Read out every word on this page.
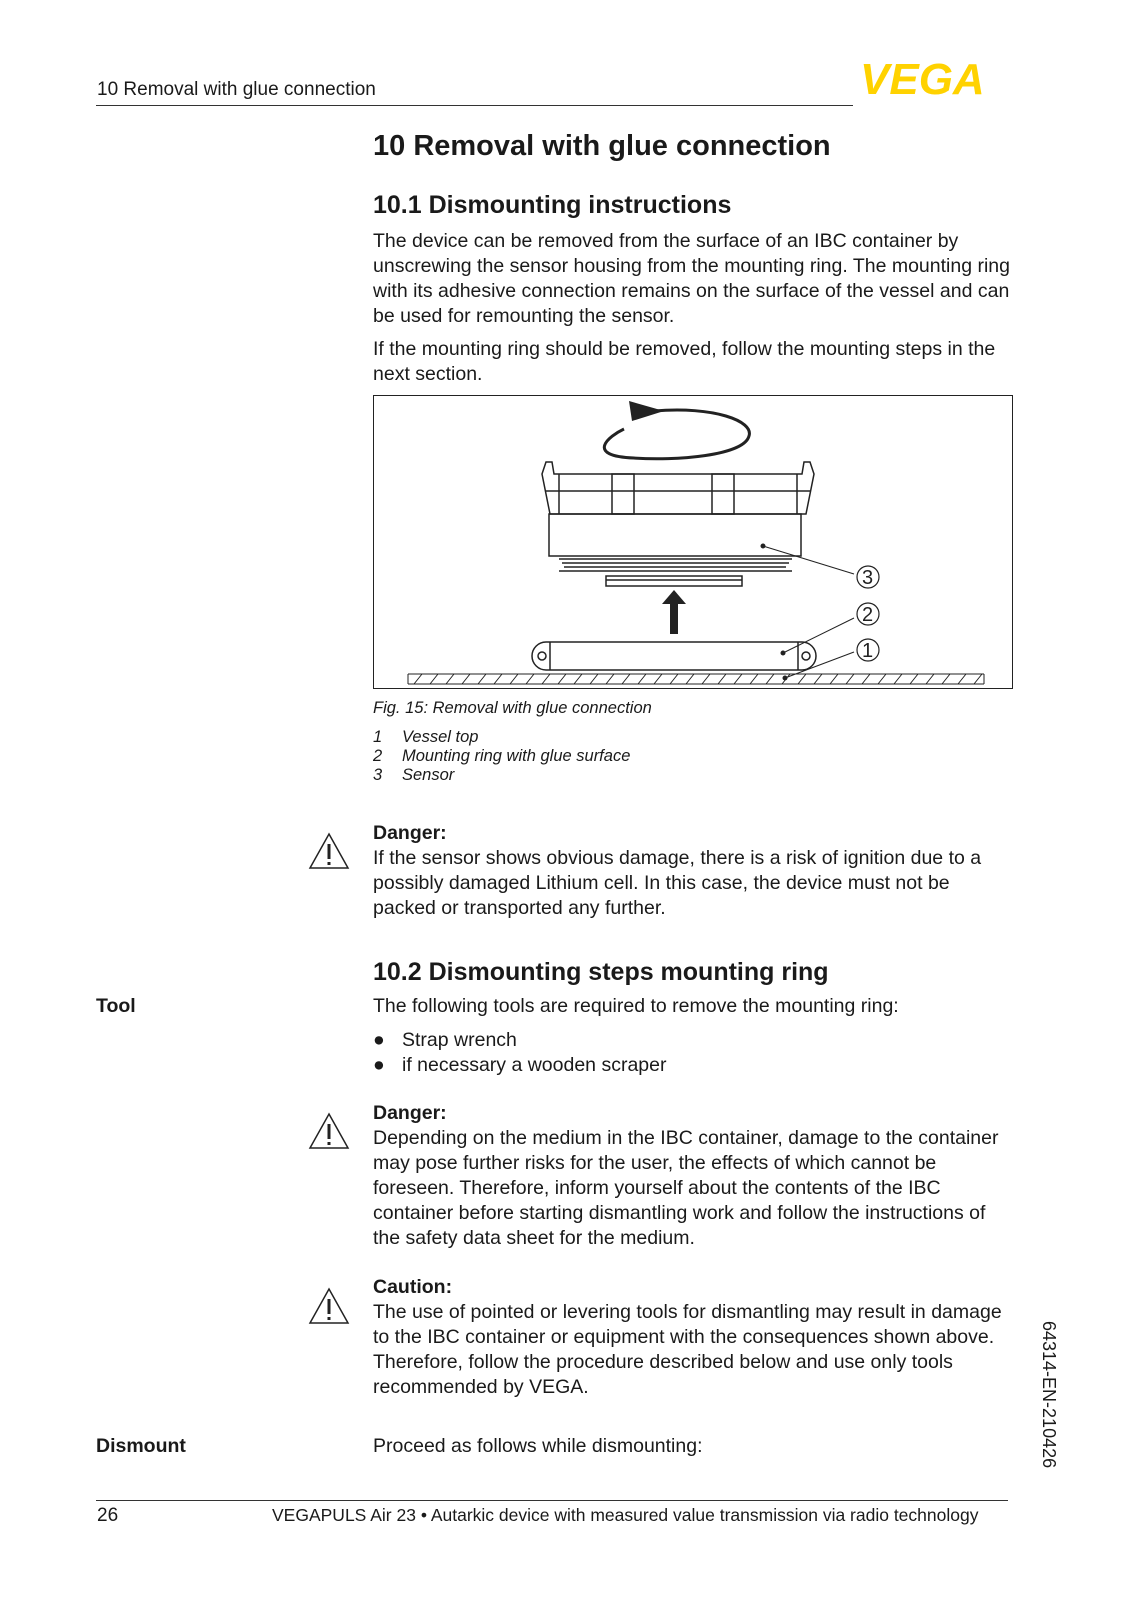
10 Removal with glue connection	VEGA
10 Removal with glue connection
10.1 Dismounting instructions

The device can be removed from the surface of an IBC container by unscrewing the sensor housing from the mounting ring. The mounting ring with its adhesive connection remains on the surface of the vessel and can be used for remounting the sensor.

If the mounting ring should be removed, follow the mounting steps in the next section.

3
2
1
Fig. 15: Removal with glue connection
1 Vessel top
2 Mounting ring with glue surface
3 Sensor
Danger:
If the sensor shows obvious damage, there is a risk of ignition due to a possibly damaged Lithium cell. In this case, the device must not be packed or transported any further.
10.2 Dismounting steps mounting ring
Tool	The following tools are required to remove the mounting ring:
● Strap wrench
● if necessary a wooden scraper
Danger:
Depending on the medium in the IBC container, damage to the container may pose further risks for the user, the effects of which cannot be foreseen. Therefore, inform yourself about the contents of the IBC container before starting dismantling work and follow the instructions of the safety data sheet for the medium.
Caution:
The use of pointed or levering tools for dismantling may result in damage to the IBC container or equipment with the consequences shown above. Therefore, follow the procedure described below and use only tools recommended by VEGA.
Dismount	Proceed as follows while dismounting:	64314-EN-210426
26	VEGAPULS Air 23 • Autarkic device with measured value transmission via radio technology
